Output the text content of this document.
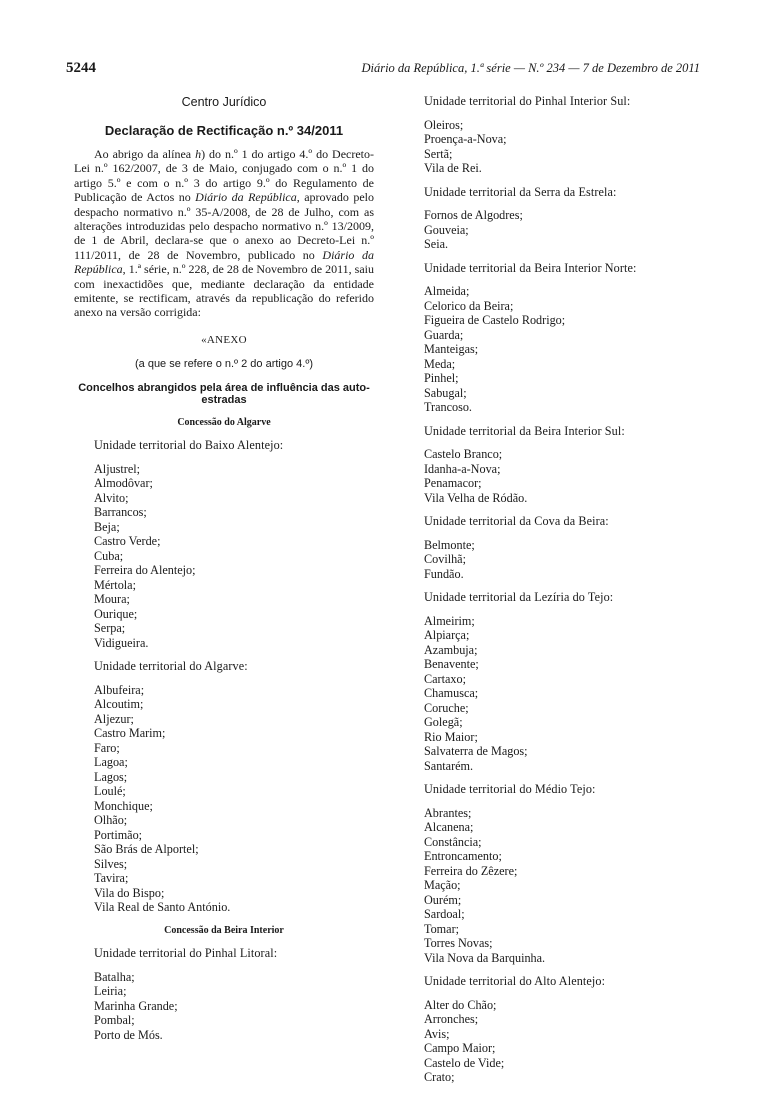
5244	Diário da República, 1.ª série — N.º 234 — 7 de Dezembro de 2011
Centro Jurídico
Declaração de Rectificação n.º 34/2011

Ao abrigo da alínea h) do n.º 1 do artigo 4.º do Decreto-Lei n.º 162/2007, de 3 de Maio, conjugado com o n.º 1 do artigo 5.º e com o n.º 3 do artigo 9.º do Regulamento de Publicação de Actos no Diário da República, aprovado pelo despacho normativo n.º 35-A/2008, de 28 de Julho, com as alterações introduzidas pelo despacho normativo n.º 13/2009, de 1 de Abril, declara-se que o anexo ao Decreto-Lei n.º 111/2011, de 28 de Novembro, publicado no Diário da República, 1.ª série, n.º 228, de 28 de Novembro de 2011, saiu com inexactidões que, mediante declaração da entidade emitente, se rectificam, através da republicação do referido anexo na versão corrigida:

«ANEXO
(a que se refere o n.º 2 do artigo 4.º)
Concelhos abrangidos pela área de influência das auto-estradas
Concessão do Algarve
Unidade territorial do Baixo Alentejo:
Aljustrel;
Almodôvar;
Alvito;
Barrancos;
Beja;
Castro Verde;
Cuba;
Ferreira do Alentejo;
Mértola;
Moura;
Ourique;
Serpa;
Vidigueira.
Unidade territorial do Algarve:
Albufeira;
Alcoutim;
Aljezur;
Castro Marim;
Faro;
Lagoa;
Lagos;
Loulé;
Monchique;
Olhão;
Portimão;
São Brás de Alportel;
Silves;
Tavira;
Vila do Bispo;
Vila Real de Santo António.
Concessão da Beira Interior
Unidade territorial do Pinhal Litoral:
Batalha;
Leiria;
Marinha Grande;
Pombal;
Porto de Mós.
Unidade territorial do Pinhal Interior Sul:
Oleiros;
Proença-a-Nova;
Sertã;
Vila de Rei.
Unidade territorial da Serra da Estrela:
Fornos de Algodres;
Gouveia;
Seia.
Unidade territorial da Beira Interior Norte:
Almeida;
Celorico da Beira;
Figueira de Castelo Rodrigo;
Guarda;
Manteigas;
Meda;
Pinhel;
Sabugal;
Trancoso.
Unidade territorial da Beira Interior Sul:
Castelo Branco;
Idanha-a-Nova;
Penamacor;
Vila Velha de Ródão.
Unidade territorial da Cova da Beira:
Belmonte;
Covilhã;
Fundão.
Unidade territorial da Lezíria do Tejo:
Almeirim;
Alpiarça;
Azambuja;
Benavente;
Cartaxo;
Chamusca;
Coruche;
Golegã;
Rio Maior;
Salvaterra de Magos;
Santarém.
Unidade territorial do Médio Tejo:
Abrantes;
Alcanena;
Constância;
Entroncamento;
Ferreira do Zêzere;
Mação;
Ourém;
Sardoal;
Tomar;
Torres Novas;
Vila Nova da Barquinha.
Unidade territorial do Alto Alentejo:
Alter do Chão;
Arronches;
Avis;
Campo Maior;
Castelo de Vide;
Crato;
